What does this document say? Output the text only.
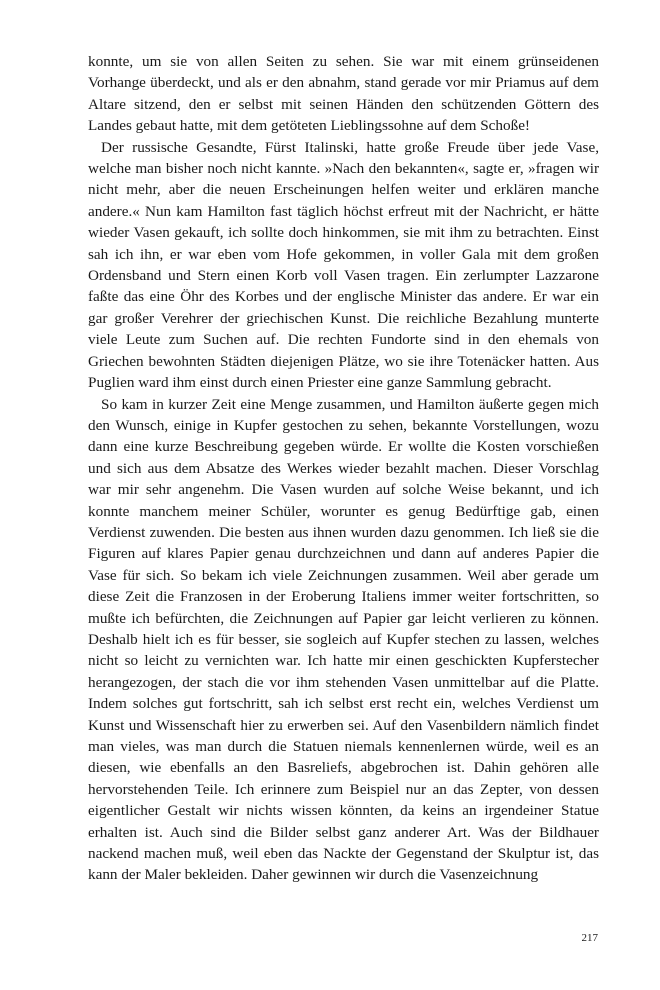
konnte, um sie von allen Seiten zu sehen. Sie war mit einem grünseidenen Vorhange überdeckt, und als er den abnahm, stand gerade vor mir Priamus auf dem Altare sitzend, den er selbst mit seinen Händen den schützenden Göttern des Landes gebaut hatte, mit dem getöteten Lieblingssohne auf dem Schoße!

Der russische Gesandte, Fürst Italinski, hatte große Freude über jede Vase, welche man bisher noch nicht kannte. »Nach den bekannten«, sagte er, »fragen wir nicht mehr, aber die neuen Erscheinungen helfen weiter und erklären manche andere.« Nun kam Hamilton fast täglich höchst erfreut mit der Nachricht, er hätte wieder Vasen gekauft, ich sollte doch hinkommen, sie mit ihm zu betrachten. Einst sah ich ihn, er war eben vom Hofe gekommen, in voller Gala mit dem großen Ordensband und Stern einen Korb voll Vasen tragen. Ein zerlumpter Lazzarone faßte das eine Öhr des Korbes und der englische Minister das andere. Er war ein gar großer Verehrer der griechischen Kunst. Die reichliche Bezahlung munterte viele Leute zum Suchen auf. Die rechten Fundorte sind in den ehemals von Griechen bewohnten Städten diejenigen Plätze, wo sie ihre Totenäcker hatten. Aus Puglien ward ihm einst durch einen Priester eine ganze Sammlung gebracht.

So kam in kurzer Zeit eine Menge zusammen, und Hamilton äußerte gegen mich den Wunsch, einige in Kupfer gestochen zu sehen, bekannte Vorstellungen, wozu dann eine kurze Beschreibung gegeben würde. Er wollte die Kosten vorschießen und sich aus dem Absatze des Werkes wieder bezahlt machen. Dieser Vorschlag war mir sehr angenehm. Die Vasen wurden auf solche Weise bekannt, und ich konnte manchem meiner Schüler, worunter es genug Bedürftige gab, einen Verdienst zuwenden. Die besten aus ihnen wurden dazu genommen. Ich ließ sie die Figuren auf klares Papier genau durchzeichnen und dann auf anderes Papier die Vase für sich. So bekam ich viele Zeichnungen zusammen. Weil aber gerade um diese Zeit die Franzosen in der Eroberung Italiens immer weiter fortschritten, so mußte ich befürchten, die Zeichnungen auf Papier gar leicht verlieren zu können. Deshalb hielt ich es für besser, sie sogleich auf Kupfer stechen zu lassen, welches nicht so leicht zu vernichten war. Ich hatte mir einen geschickten Kupferstecher herangezogen, der stach die vor ihm stehenden Vasen unmittelbar auf die Platte. Indem solches gut fortschritt, sah ich selbst erst recht ein, welches Verdienst um Kunst und Wissenschaft hier zu erwerben sei. Auf den Vasenbildern nämlich findet man vieles, was man durch die Statuen niemals kennenlernen würde, weil es an diesen, wie ebenfalls an den Basreliefs, abgebrochen ist. Dahin gehören alle hervorstehenden Teile. Ich erinnere zum Beispiel nur an das Zepter, von dessen eigentlicher Gestalt wir nichts wissen könnten, da keins an irgendeiner Statue erhalten ist. Auch sind die Bilder selbst ganz anderer Art. Was der Bildhauer nackend machen muß, weil eben das Nackte der Gegenstand der Skulptur ist, das kann der Maler bekleiden. Daher gewinnen wir durch die Vasenzeichnung

217
